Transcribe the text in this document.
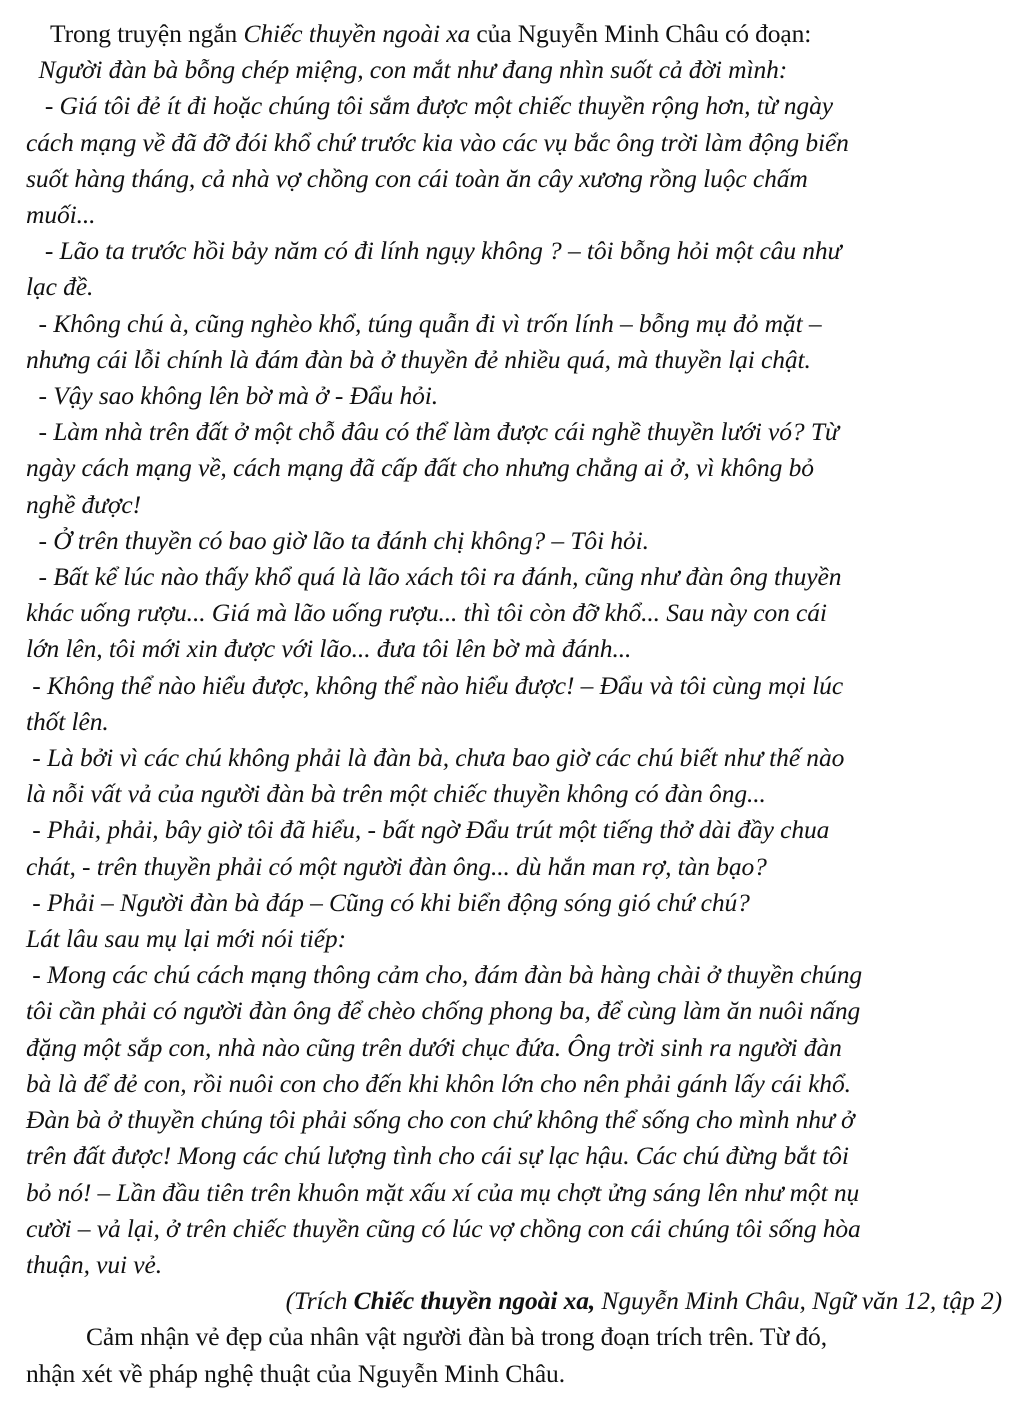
Trong truyện ngắn Chiếc thuyền ngoài xa của Nguyễn Minh Châu có đoạn:
Người đàn bà bỗng chép miệng, con mắt như đang nhìn suốt cả đời mình:
- Giá tôi đẻ ít đi hoặc chúng tôi sắm được một chiếc thuyền rộng hơn, từ ngày
cách mạng về đã đỡ đói khổ chứ trước kia vào các vụ bắc ông trời làm động biển
suốt hàng tháng, cả nhà vợ chồng con cái toàn ăn cây xương rồng luộc chấm
muối...
- Lão ta trước hồi bảy năm có đi lính ngụy không ? – tôi bỗng hỏi một câu như
lạc đề.
- Không chú à, cũng nghèo khổ, túng quẫn đi vì trốn lính – bỗng mụ đỏ mặt –
nhưng cái lỗi chính là đám đàn bà ở thuyền đẻ nhiều quá, mà thuyền lại chật.
- Vậy sao không lên bờ mà ở - Đẩu hỏi.
- Làm nhà trên đất ở một chỗ đâu có thể làm được cái nghề thuyền lưới vó? Từ
ngày cách mạng về, cách mạng đã cấp đất cho nhưng chẳng ai ở, vì không bỏ
nghề được!
- Ở trên thuyền có bao giờ lão ta đánh chị không? – Tôi hỏi.
- Bất kể lúc nào thấy khổ quá là lão xách tôi ra đánh, cũng như đàn ông thuyền
khác uống rượu... Giá mà lão uống rượu... thì tôi còn đỡ khổ... Sau này con cái
lớn lên, tôi mới xin được với lão... đưa tôi lên bờ mà đánh...
- Không thể nào hiểu được, không thể nào hiểu được! – Đẩu và tôi cùng mọi lúc
thốt lên.
- Là bởi vì các chú không phải là đàn bà, chưa bao giờ các chú biết như thế nào
là nỗi vất vả của người đàn bà trên một chiếc thuyền không có đàn ông...
- Phải, phải, bây giờ tôi đã hiểu, - bất ngờ Đẩu trút một tiếng thở dài đầy chua
chát, - trên thuyền phải có một người đàn ông... dù hắn man rợ, tàn bạo?
- Phải – Người đàn bà đáp – Cũng có khi biển động sóng gió chứ chú?
Lát lâu sau mụ lại mới nói tiếp:
- Mong các chú cách mạng thông cảm cho, đám đàn bà hàng chài ở thuyền chúng
tôi cần phải có người đàn ông để chèo chống phong ba, để cùng làm ăn nuôi nấng
đặng một sắp con, nhà nào cũng trên dưới chục đứa. Ông trời sinh ra người đàn
bà là để đẻ con, rồi nuôi con cho đến khi khôn lớn cho nên phải gánh lấy cái khổ.
Đàn bà ở thuyền chúng tôi phải sống cho con chứ không thể sống cho mình như ở
trên đất được! Mong các chú lượng tình cho cái sự lạc hậu. Các chú đừng bắt tôi
bỏ nó! – Lần đầu tiên trên khuôn mặt xấu xí của mụ chợt ửng sáng lên như một nụ
cười – vả lại, ở trên chiếc thuyền cũng có lúc vợ chồng con cái chúng tôi sống hòa
thuận, vui vẻ.
(Trích Chiếc thuyền ngoài xa, Nguyễn Minh Châu, Ngữ văn 12, tập 2)
Cảm nhận vẻ đẹp của nhân vật người đàn bà trong đoạn trích trên. Từ đó,
nhận xét về pháp nghệ thuật của Nguyễn Minh Châu.
